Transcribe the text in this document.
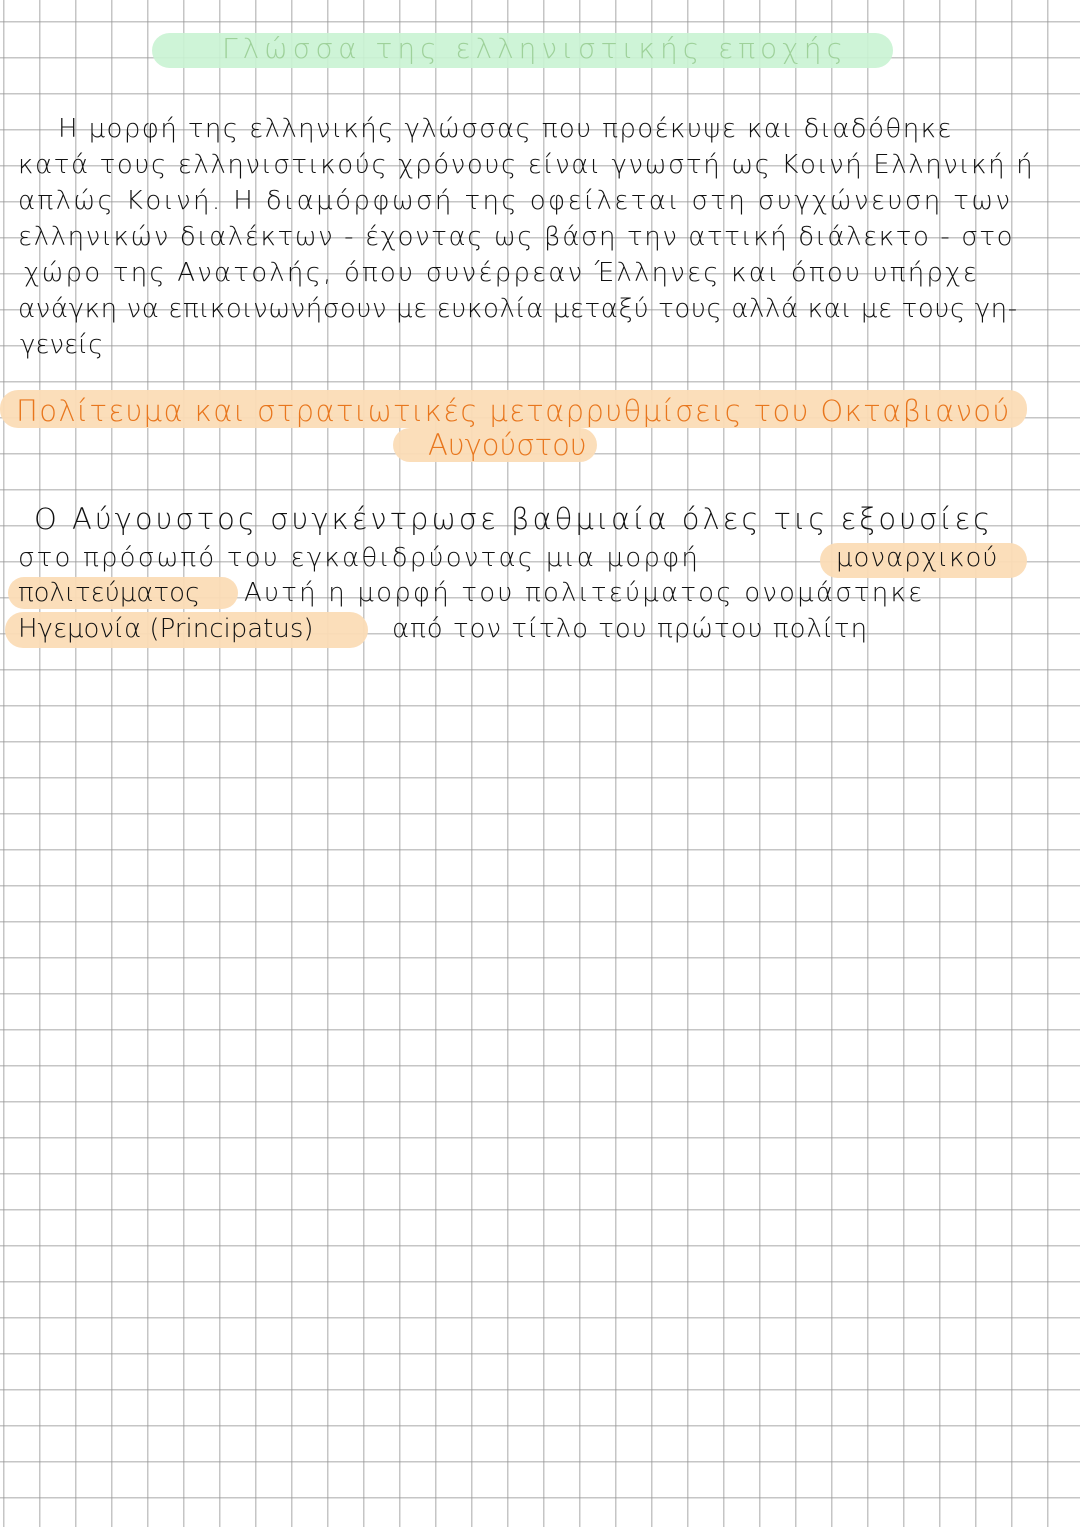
Γλώσσα της ελληνιστικής εποχής
Η μορφή της ελληνικής γλώσσας που προέκυψε και διαδόθηκε
κατά τους ελληνιστικούς χρόνους είναι γνωστή ως Κοινή Ελληνική ή
απλώς Κοινή. Η διαμόρφωσή της οφείλεται στη συγχώνευση των
ελληνικών διαλέκτων - έχοντας ως βάση την αττική διάλεκτο - στο
χώρο της Ανατολής, όπου συνέρρεαν Έλληνες και όπου υπήρχε
ανάγκη να επικοινωνήσουν με ευκολία μεταξύ τους αλλά και με τους γη-
γενείς
Πολίτευμα και στρατιωτικές μεταρρυθμίσεις του Οκταβιανού
Αυγούστου
Ο Αύγουστος συγκέντρωσε βαθμιαία όλες τις εξουσίες
στο πρόσωπό του εγκαθιδρύοντας μια μορφή	μοναρχικού
πολιτεύματος Αυτή η μορφή του πολιτεύματος ονομάστηκε
Ηγεμονία (Principatus)	από τον τίτλο του πρώτου πολίτη
